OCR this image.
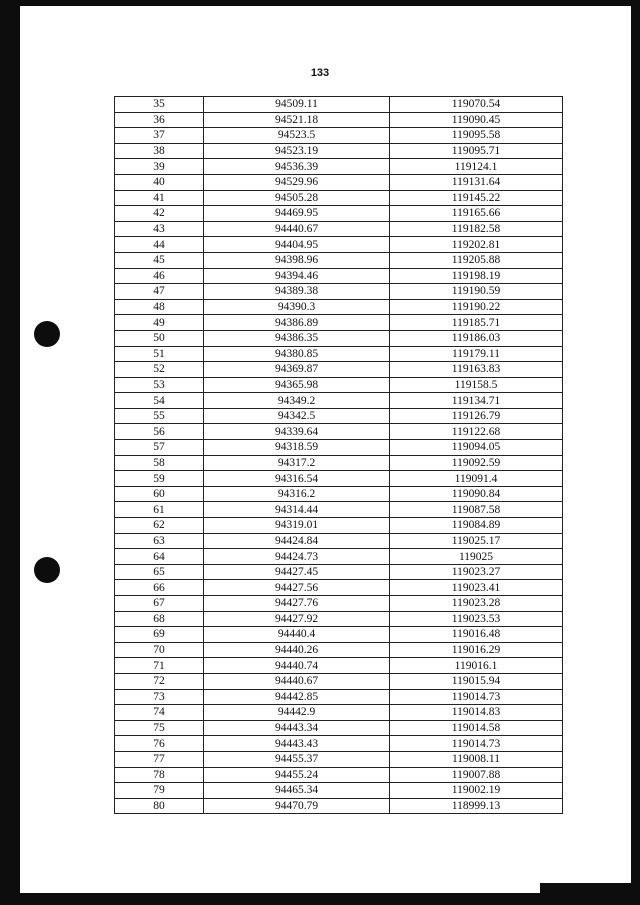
133
35	94509.11	119070.54
36	94521.18	119090.45
37	94523.5	119095.58
38	94523.19	119095.71
39	94536.39	119124.1
40	94529.96	119131.64
41	94505.28	119145.22
42	94469.95	119165.66
43	94440.67	119182.58
44	94404.95	119202.81
45	94398.96	119205.88
46	94394.46	119198.19
47	94389.38	119190.59
48	94390.3	119190.22
49	94386.89	119185.71
50	94386.35	119186.03
51	94380.85	119179.11
52	94369.87	119163.83
53	94365.98	119158.5
54	94349.2	119134.71
55	94342.5	119126.79
56	94339.64	119122.68
57	94318.59	119094.05
58	94317.2	119092.59
59	94316.54	119091.4
60	94316.2	119090.84
61	94314.44	119087.58
62	94319.01	119084.89
63	94424.84	119025.17
64	94424.73	119025
65	94427.45	119023.27
66	94427.56	119023.41
67	94427.76	119023.28
68	94427.92	119023.53
69	94440.4	119016.48
70	94440.26	119016.29
71	94440.74	119016.1
72	94440.67	119015.94
73	94442.85	119014.73
74	94442.9	119014.83
75	94443.34	119014.58
76	94443.43	119014.73
77	94455.37	119008.11
78	94455.24	119007.88
79	94465.34	119002.19
80	94470.79	118999.13
